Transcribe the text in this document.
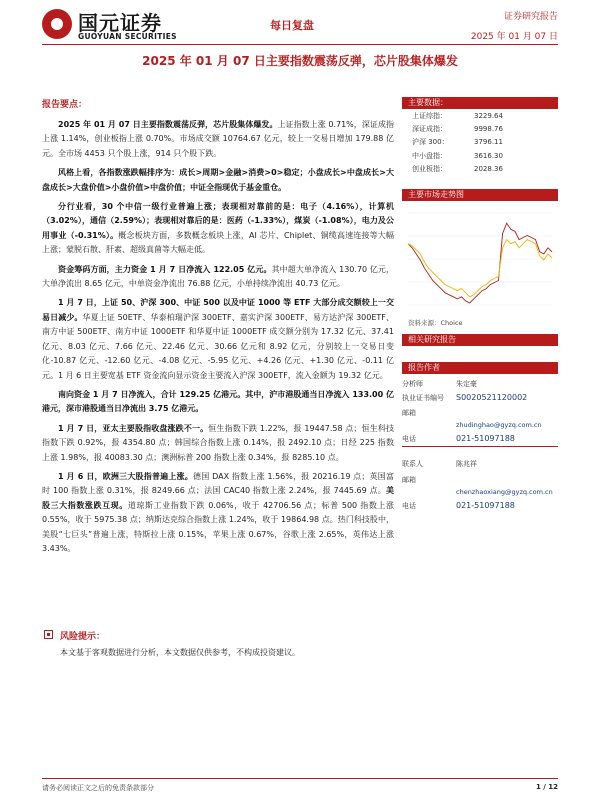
国元证券
GUOYUAN SECURITIES
每日复盘
证券研究报告
2025 年 01 月 07 日
2025 年 01 月 07 日主要指数震荡反弹，芯片股集体爆发
报告要点：

2025 年 01 月 07 日主要指数震荡反弹，芯片股集体爆发。上证指数上涨 0.71%，深证成指上涨 1.14%，创业板指上涨 0.70%。市场成交额 10764.67 亿元，较上一交易日增加 179.88 亿元。全市场 4453 只个股上涨，914 只个股下跌。

风格上看，各指数涨跌幅排序为：成长>周期>金融>消费>0>稳定；小盘成长>中盘成长>大盘成长>大盘价值>小盘价值>中盘价值；中证全指现优于基金重仓。

分行业看，30 个中信一级行业普遍上涨；表现相对靠前的是：电子（4.16%），计算机（3.02%），通信（2.59%）；表现相对靠后的是：医药（-1.33%），煤炭（-1.08%），电力及公用事业（-0.31%）。概念板块方面，多数概念板块上涨，AI 芯片、Chiplet、铜缆高速连接等大幅上涨；蒙脱石散、肝素、超级真菌等大幅走低。

资金筹码方面，主力资金 1 月 7 日净流入 122.05 亿元。其中超大单净流入 130.70 亿元，大单净流出 8.65 亿元，中单资金净流出 76.88 亿元，小单持续净流出 40.73 亿元。

1 月 7 日，上证 50、沪深 300、中证 500 以及中证 1000 等 ETF 大部分成交额较上一交易日减少。华夏上证 50ETF、华泰柏瑞沪深 300ETF、嘉实沪深 300ETF、易方达沪深 300ETF、南方中证 500ETF、南方中证 1000ETF 和华夏中证 1000ETF 成交额分别为 17.32 亿元、37.41 亿元、8.03 亿元、7.66 亿元、22.46 亿元、30.66 亿元和 8.92 亿元，分别较上一交易日变化-10.87 亿元、-12.60 亿元、-4.08 亿元、-5.95 亿元、+4.26 亿元、+1.30 亿元、-0.11 亿元。1 月 6 日主要宽基 ETF 资金流向显示资金主要流入沪深 300ETF，流入金额为 19.32 亿元。

南向资金 1 月 7 日净流入，合计 129.25 亿港元。其中，沪市港股通当日净流入 133.00 亿港元，深市港股通当日净流出 3.75 亿港元。

1 月 7 日，亚太主要股指收盘涨跌不一。恒生指数下跌 1.22%，报 19447.58 点；恒生科技指数下跌 0.92%，报 4354.80 点；韩国综合指数上涨 0.14%，报 2492.10 点；日经 225 指数上涨 1.98%，报 40083.30 点；澳洲标普 200 指数上涨 0.34%，报 8285.10 点。

1 月 6 日，欧洲三大股指普遍上涨。德国 DAX 指数上涨 1.56%，报 20216.19 点；英国富时 100 指数上涨 0.31%，报 8249.66 点；法国 CAC40 指数上涨 2.24%，报 7445.69 点。美股三大指数涨跌互现。道琼斯工业指数下跌 0.06%，收于 42706.56 点；标普 500 指数上涨 0.55%，收于 5975.38 点；纳斯达克综合指数上涨 1.24%，收于 19864.98 点。热门科技股中，美股“七巨头”普遍上涨，特斯拉上涨 0.15%，苹果上涨 0.67%，谷歌上涨 2.65%，英伟达上涨 3.43%。

风险提示：
本文基于客观数据进行分析，本文数据仅供参考，不构成投资建议。
主要数据：
上证综指：	3229.64
深证成指：	9998.76
沪深 300：	3796.11
中小盘指：	3616.30
创业板指：	2028.36
主要市场走势图
资料来源：Choice
相关研究报告
报告作者
分析师	朱定豪
执业证书编号 S0020521120002
邮箱
zhudinghao@gyzq.com.cn
电话	021-51097188
联系人	陈兆祥
邮箱
chenzhaoxiang@gyzq.com.cn
电话	021-51097188
请务必阅读正文之后的免责条款部分	1 / 12
